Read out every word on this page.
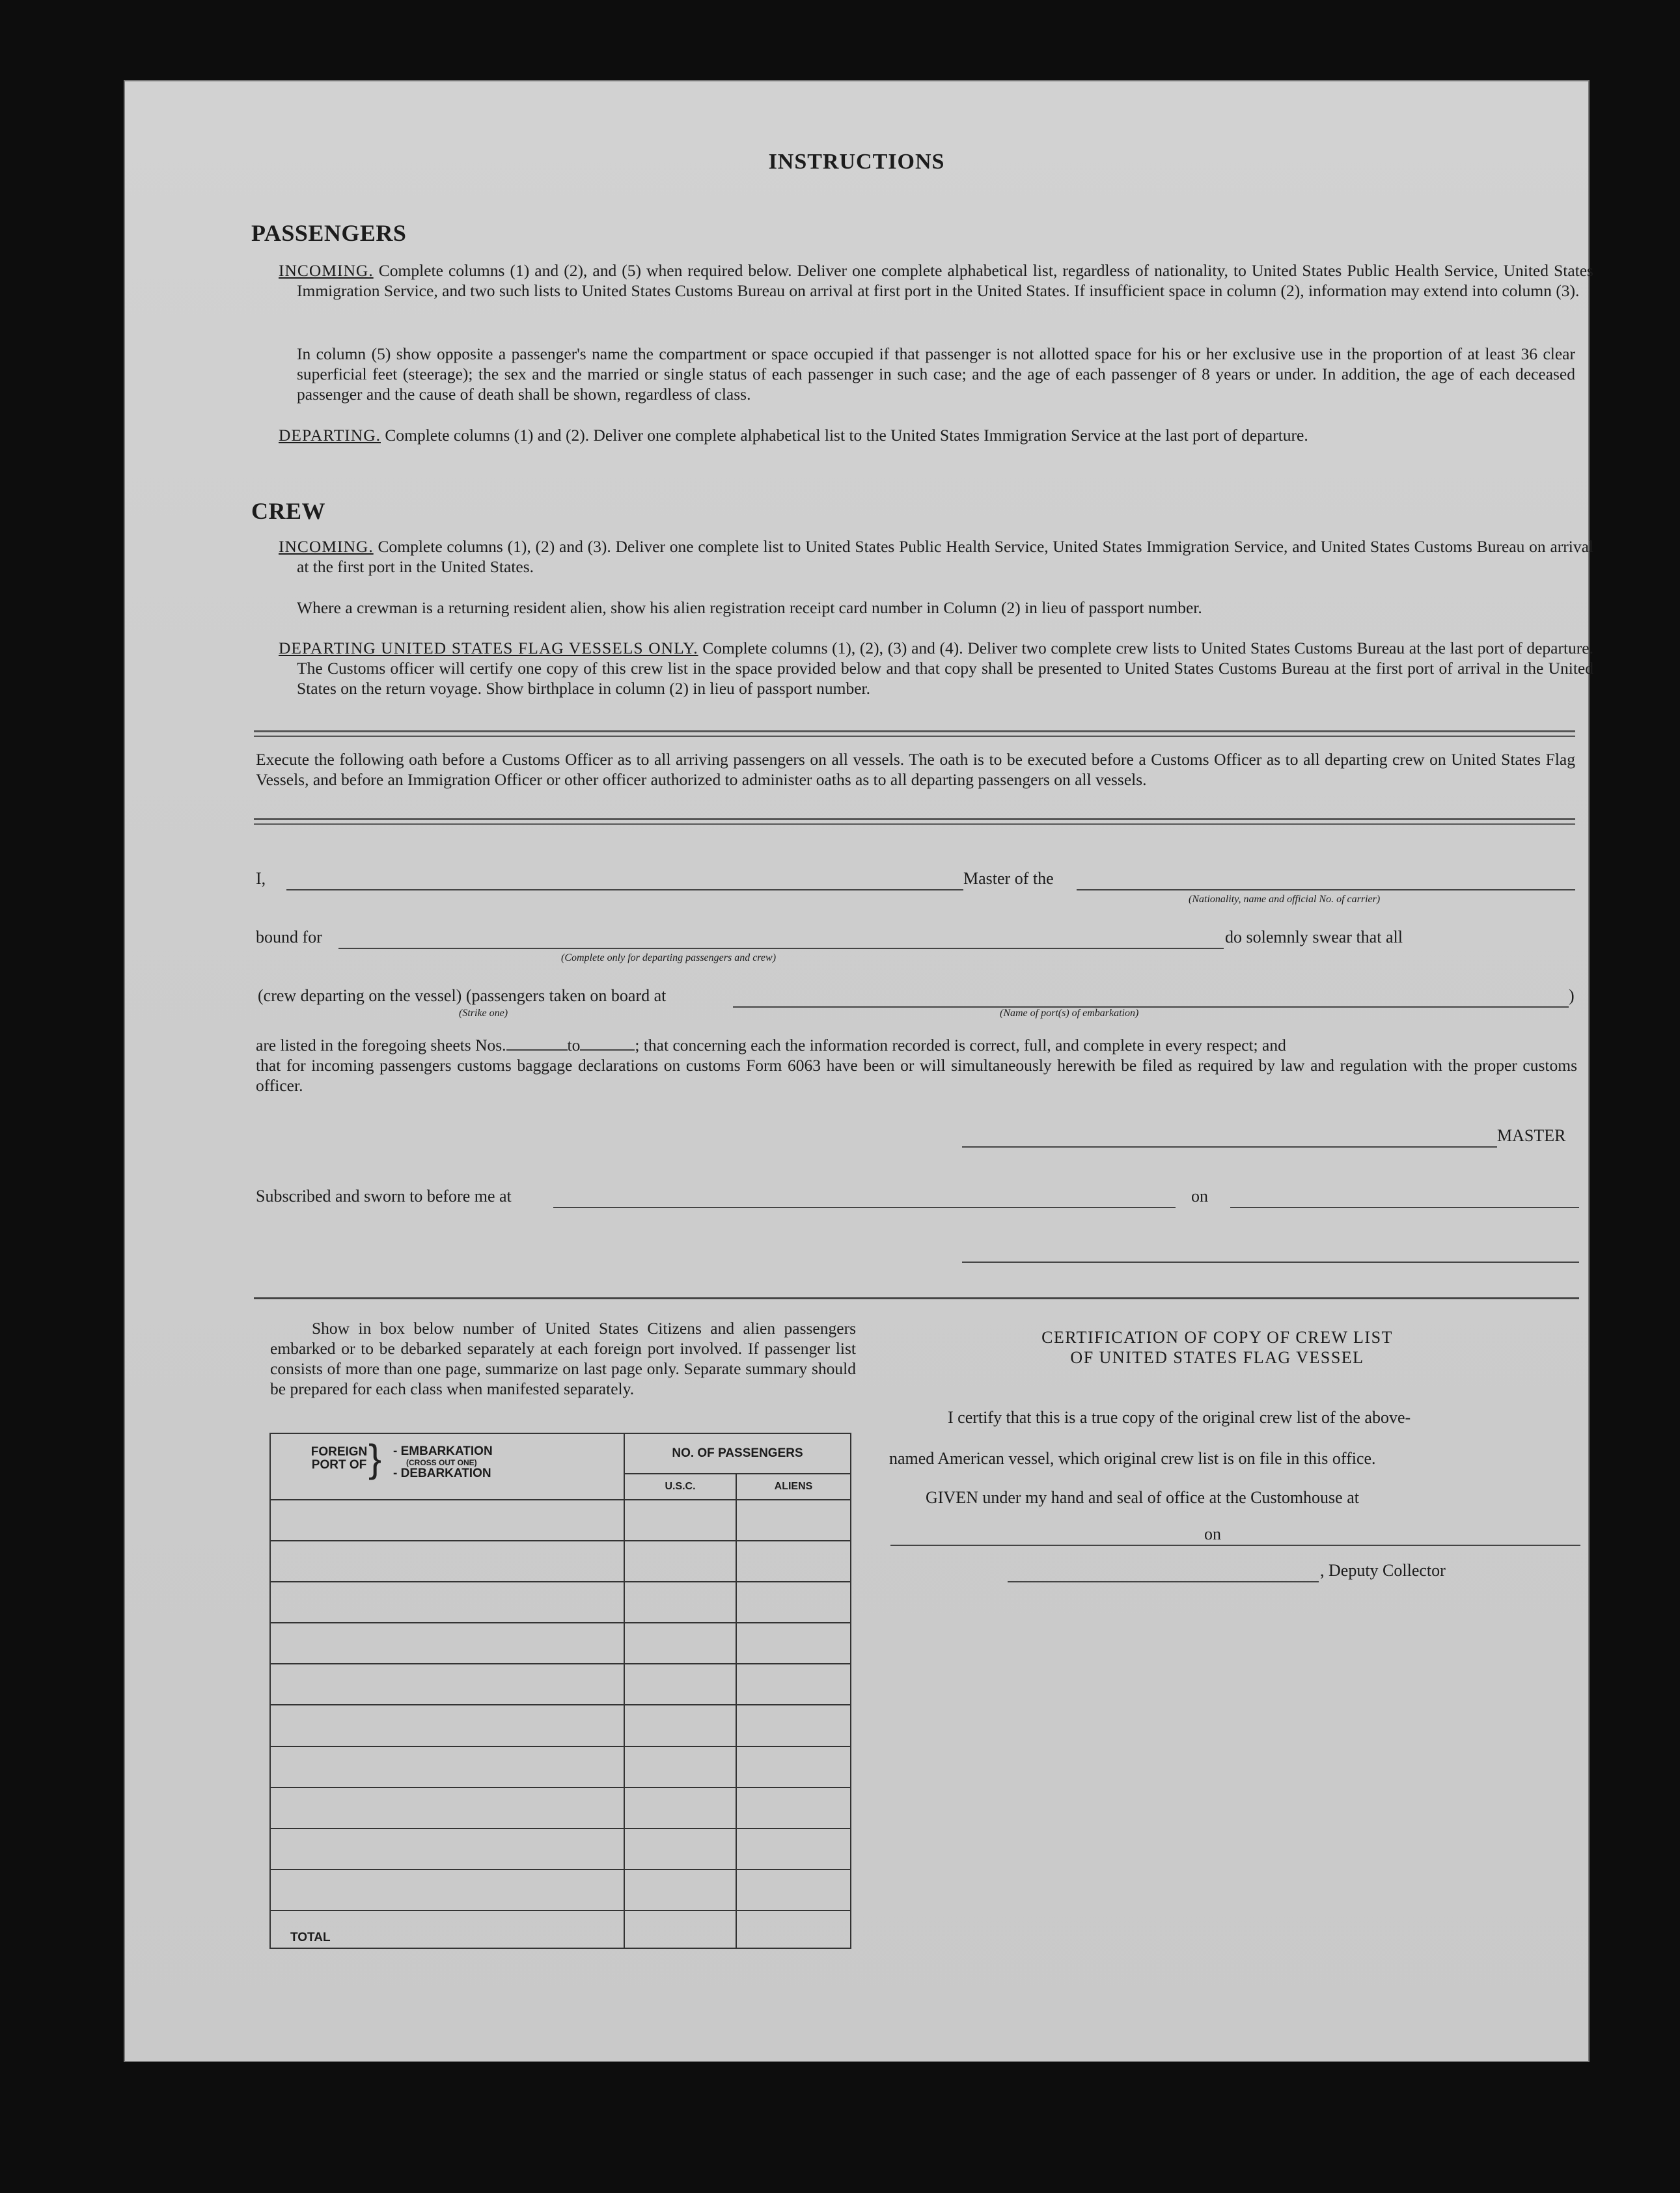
INSTRUCTIONS
PASSENGERS
INCOMING. Complete columns (1) and (2), and (5) when required below. Deliver one complete alphabetical list, regardless of nationality, to United States Public Health Service, United States Immigration Service, and two such lists to United States Customs Bureau on arrival at first port in the United States. If insufficient space in column (2), information may extend into column (3).
In column (5) show opposite a passenger's name the compartment or space occupied if that passenger is not allotted space for his or her exclusive use in the proportion of at least 36 clear superficial feet (steerage); the sex and the married or single status of each passenger in such case; and the age of each passenger of 8 years or under. In addition, the age of each deceased passenger and the cause of death shall be shown, regardless of class.
DEPARTING. Complete columns (1) and (2). Deliver one complete alphabetical list to the United States Immigration Service at the last port of departure.
CREW
INCOMING. Complete columns (1), (2) and (3). Deliver one complete list to United States Public Health Service, United States Immigration Service, and United States Customs Bureau on arrival at the first port in the United States.
Where a crewman is a returning resident alien, show his alien registration receipt card number in Column (2) in lieu of passport number.
DEPARTING UNITED STATES FLAG VESSELS ONLY. Complete columns (1), (2), (3) and (4). Deliver two complete crew lists to United States Customs Bureau at the last port of departure. The Customs officer will certify one copy of this crew list in the space provided below and that copy shall be presented to United States Customs Bureau at the first port of arrival in the United States on the return voyage. Show birthplace in column (2) in lieu of passport number.
Execute the following oath before a Customs Officer as to all arriving passengers on all vessels. The oath is to be executed before a Customs Officer as to all departing crew on United States Flag Vessels, and before an Immigration Officer or other officer authorized to administer oaths as to all departing passengers on all vessels.
I,	Master of the
(Nationality, name and official No. of carrier)
bound for
(Complete only for departing passengers and crew)
do solemnly swear that all
(crew departing on the vessel) (passengers taken on board at	)
(Strike one)	(Name of port(s) of embarkation)
are listed in the foregoing sheets Nos.	to	; that concerning each the information recorded is correct, full, and complete in every respect; and
that for incoming passengers customs baggage declarations on customs Form 6063 have been or will simultaneously herewith be filed as required by law and regulation with the proper customs officer.
MASTER
Subscribed and sworn to before me at	on
Show in box below number of United States Citizens and alien passengers embarked or to be debarked separately at each foreign port involved. If passenger list consists of more than one page, summarize on last page only. Separate summary should be prepared for each class when manifested separately.
FOREIGN PORT OF } - EMBARKATION
(CROSS OUT ONE)
- DEBARKATION	NO. OF PASSENGERS	
	U.S.C.	ALIENS

TOTAL		
CERTIFICATION OF COPY OF CREW LIST
OF UNITED STATES FLAG VESSEL
I certify that this is a true copy of the original crew list of the above-
named American vessel, which original crew list is on file in this office.
GIVEN under my hand and seal of office at the Customhouse at
on
, Deputy Collector
